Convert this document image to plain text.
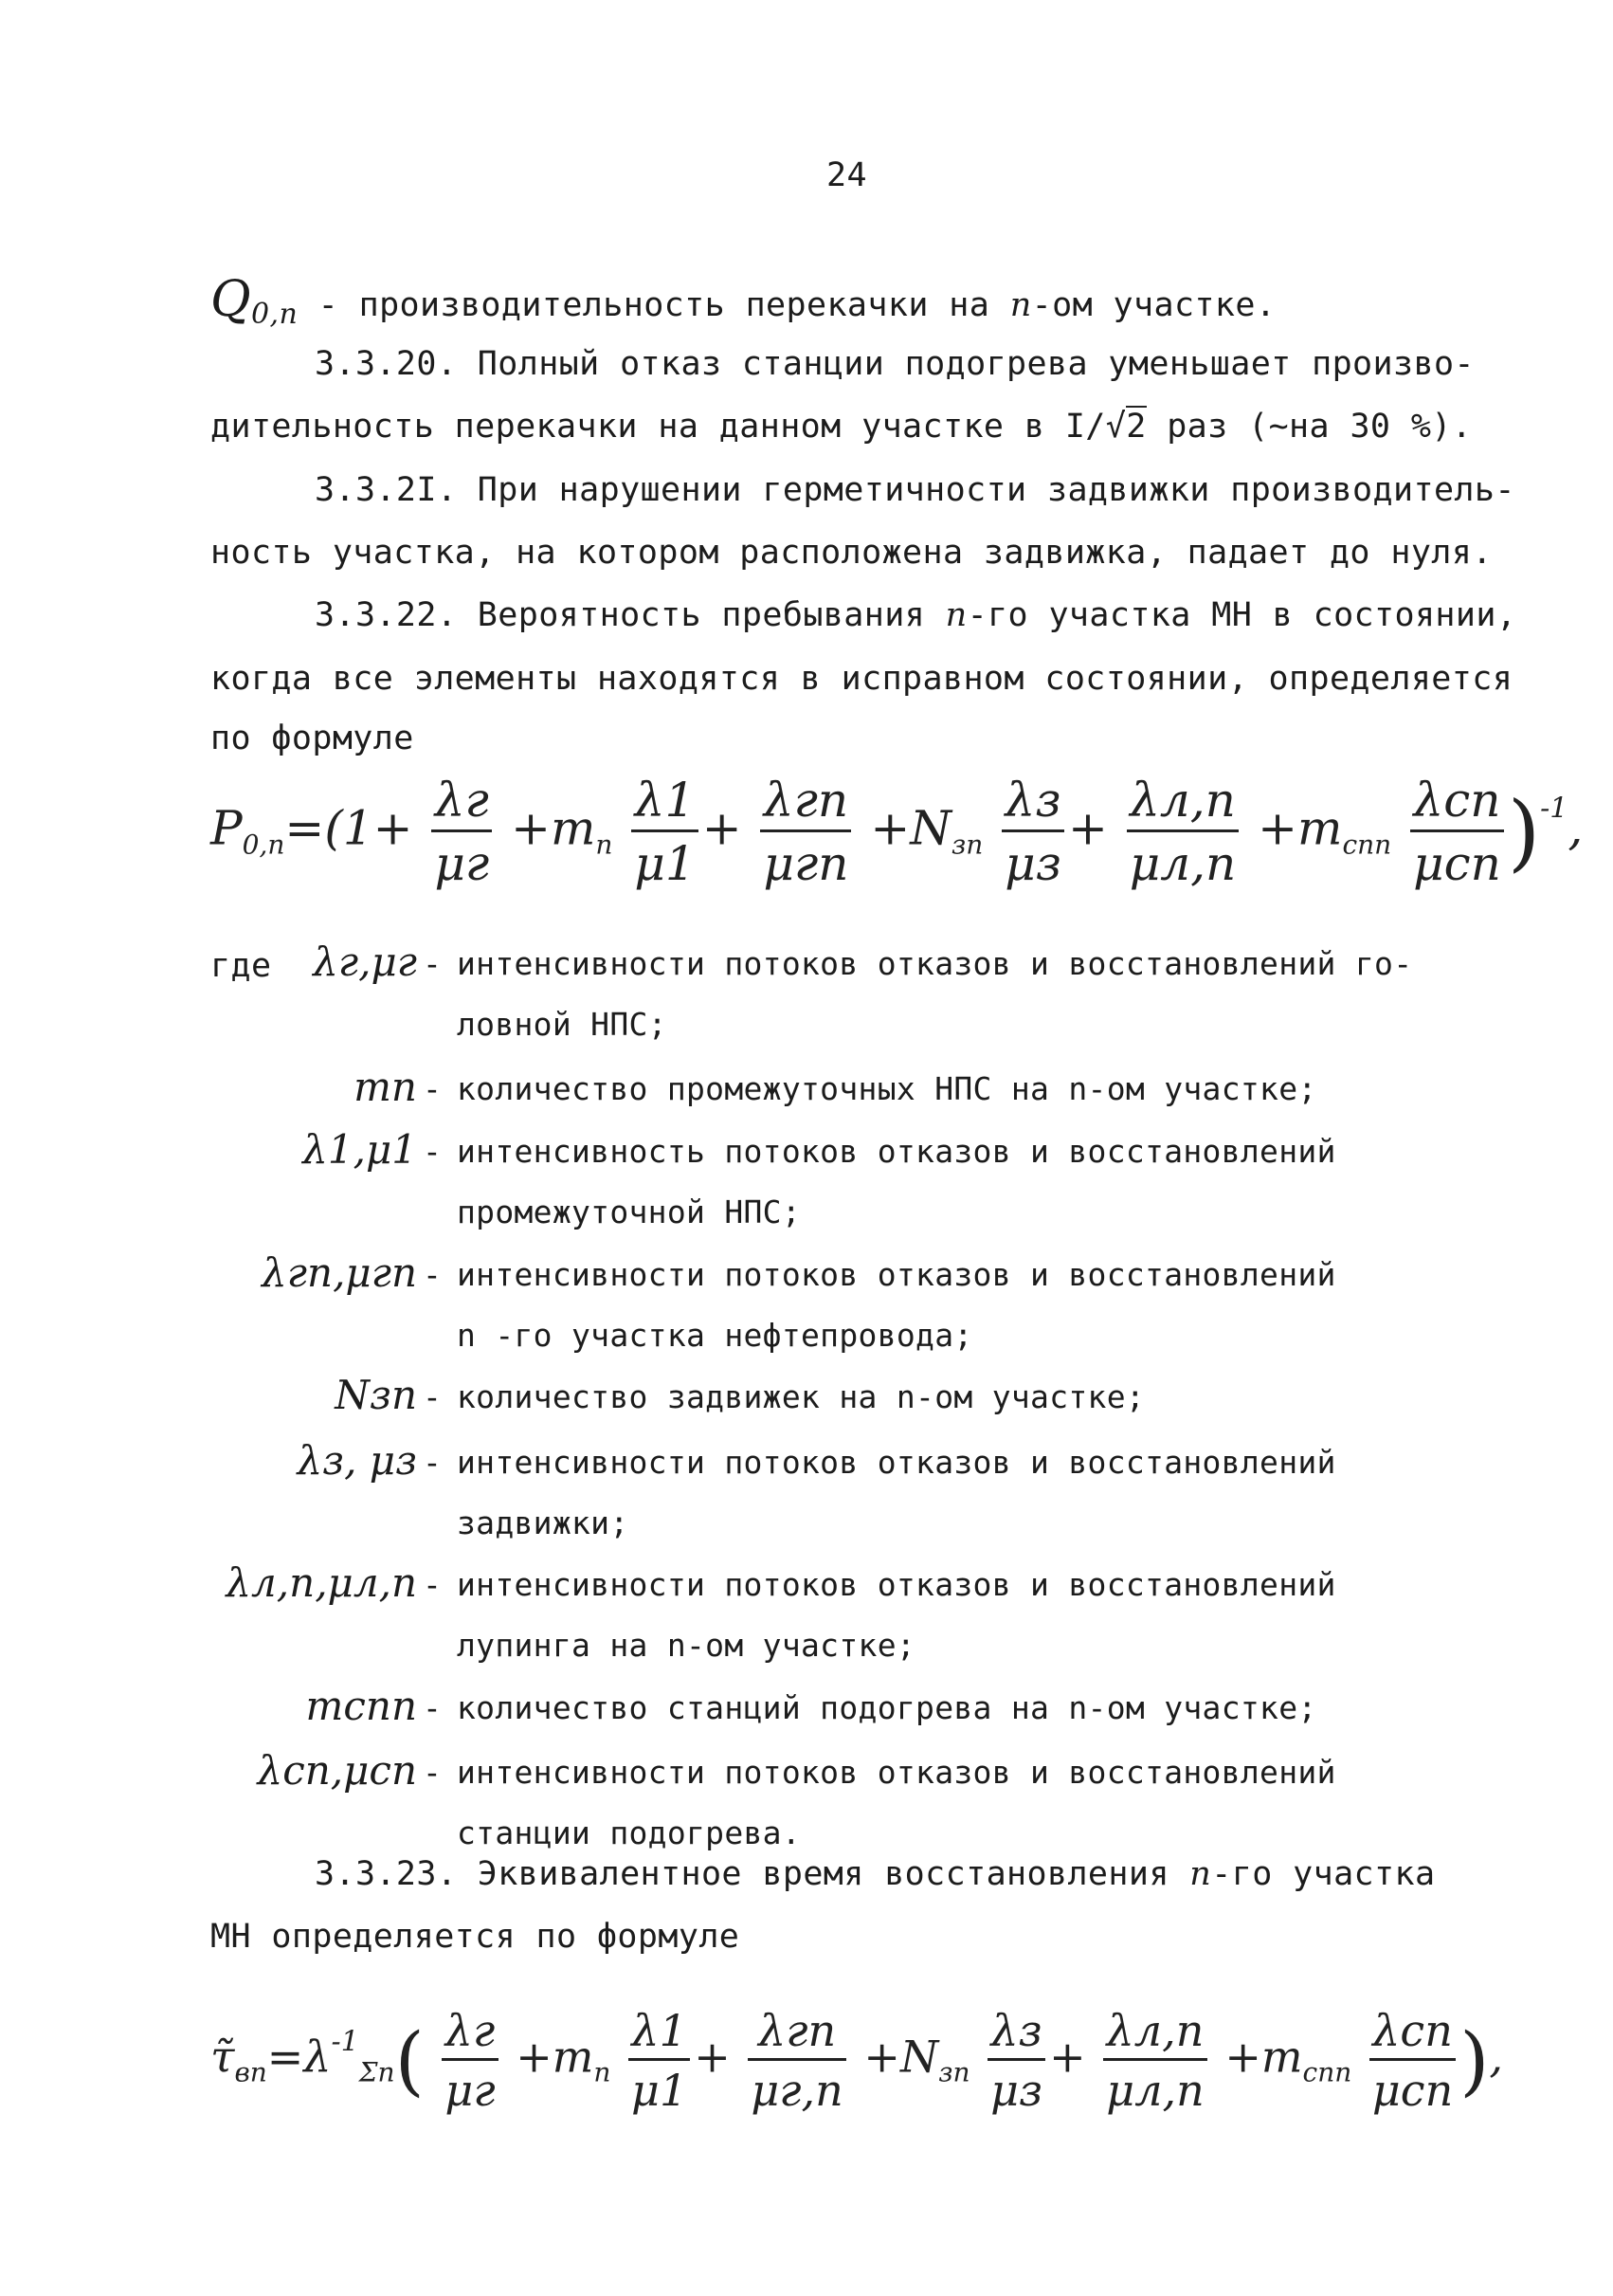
24
Q0,n - производительность перекачки на n-ом участке.
3.3.20. Полный отказ станции подогрева уменьшает произво-
дительность перекачки на данном участке в I/√2 раз (~на 30 %).
3.3.2I. При нарушении герметичности задвижки производитель-
ность участка, на котором расположена задвижка, падает до нуля.
3.3.22. Вероятность пребывания n-го участка МН в состоянии,
когда все элементы находятся в исправном состоянии, определяется
по формуле
$P_{0,n}=(1+ \frac{\lambda г}{\mu г} +m_n \frac{\lambda 1}{\mu 1} + \frac{\text{λгn}}{\text{μгn}} +N_{зn} \frac{\lambda з}{\mu з} + \frac{\lambda л,n}{\mu л,n} +m_{сnn} \frac{\text{λсn}}{\text{μсn}} )^{-1}$,
где λг,μг - интенсивности потоков отказов и восстановлений го-
ловной НПС;
mn - количество промежуточных НПС на n-ом участке;
λ1,μ1 - интенсивность потоков отказов и восстановлений
промежуточной НПС;
λгn,μгn - интенсивности потоков отказов и восстановлений
n -го участка нефтепровода;
Nзn - количество задвижек на n-ом участке;
λз, μз - интенсивности потоков отказов и восстановлений
задвижки;
λл,n,μл,n - интенсивности потоков отказов и восстановлений
лупинга на n-ом участке;
mсnn - количество станций подогрева на n-ом участке;
λсn,μсn - интенсивности потоков отказов и восстановлений
станции подогрева.
3.3.23. Эквивалентное время восстановления n-го участка
МН определяется по формуле
$\taũ_{вn}=\lambda^{-1}_{\Sigma n}( \frac{\lambda г}{\mu г} +m_n \frac{\lambda 1}{\mu 1} + \frac{\text{λгn}}{\mu г,n} +N_{зn} \frac{\lambda з}{\mu з} + \frac{\lambda л,n}{\mu л,n} +m_{сnn} \frac{\text{λсn}}{\text{μсn}}$ ),
